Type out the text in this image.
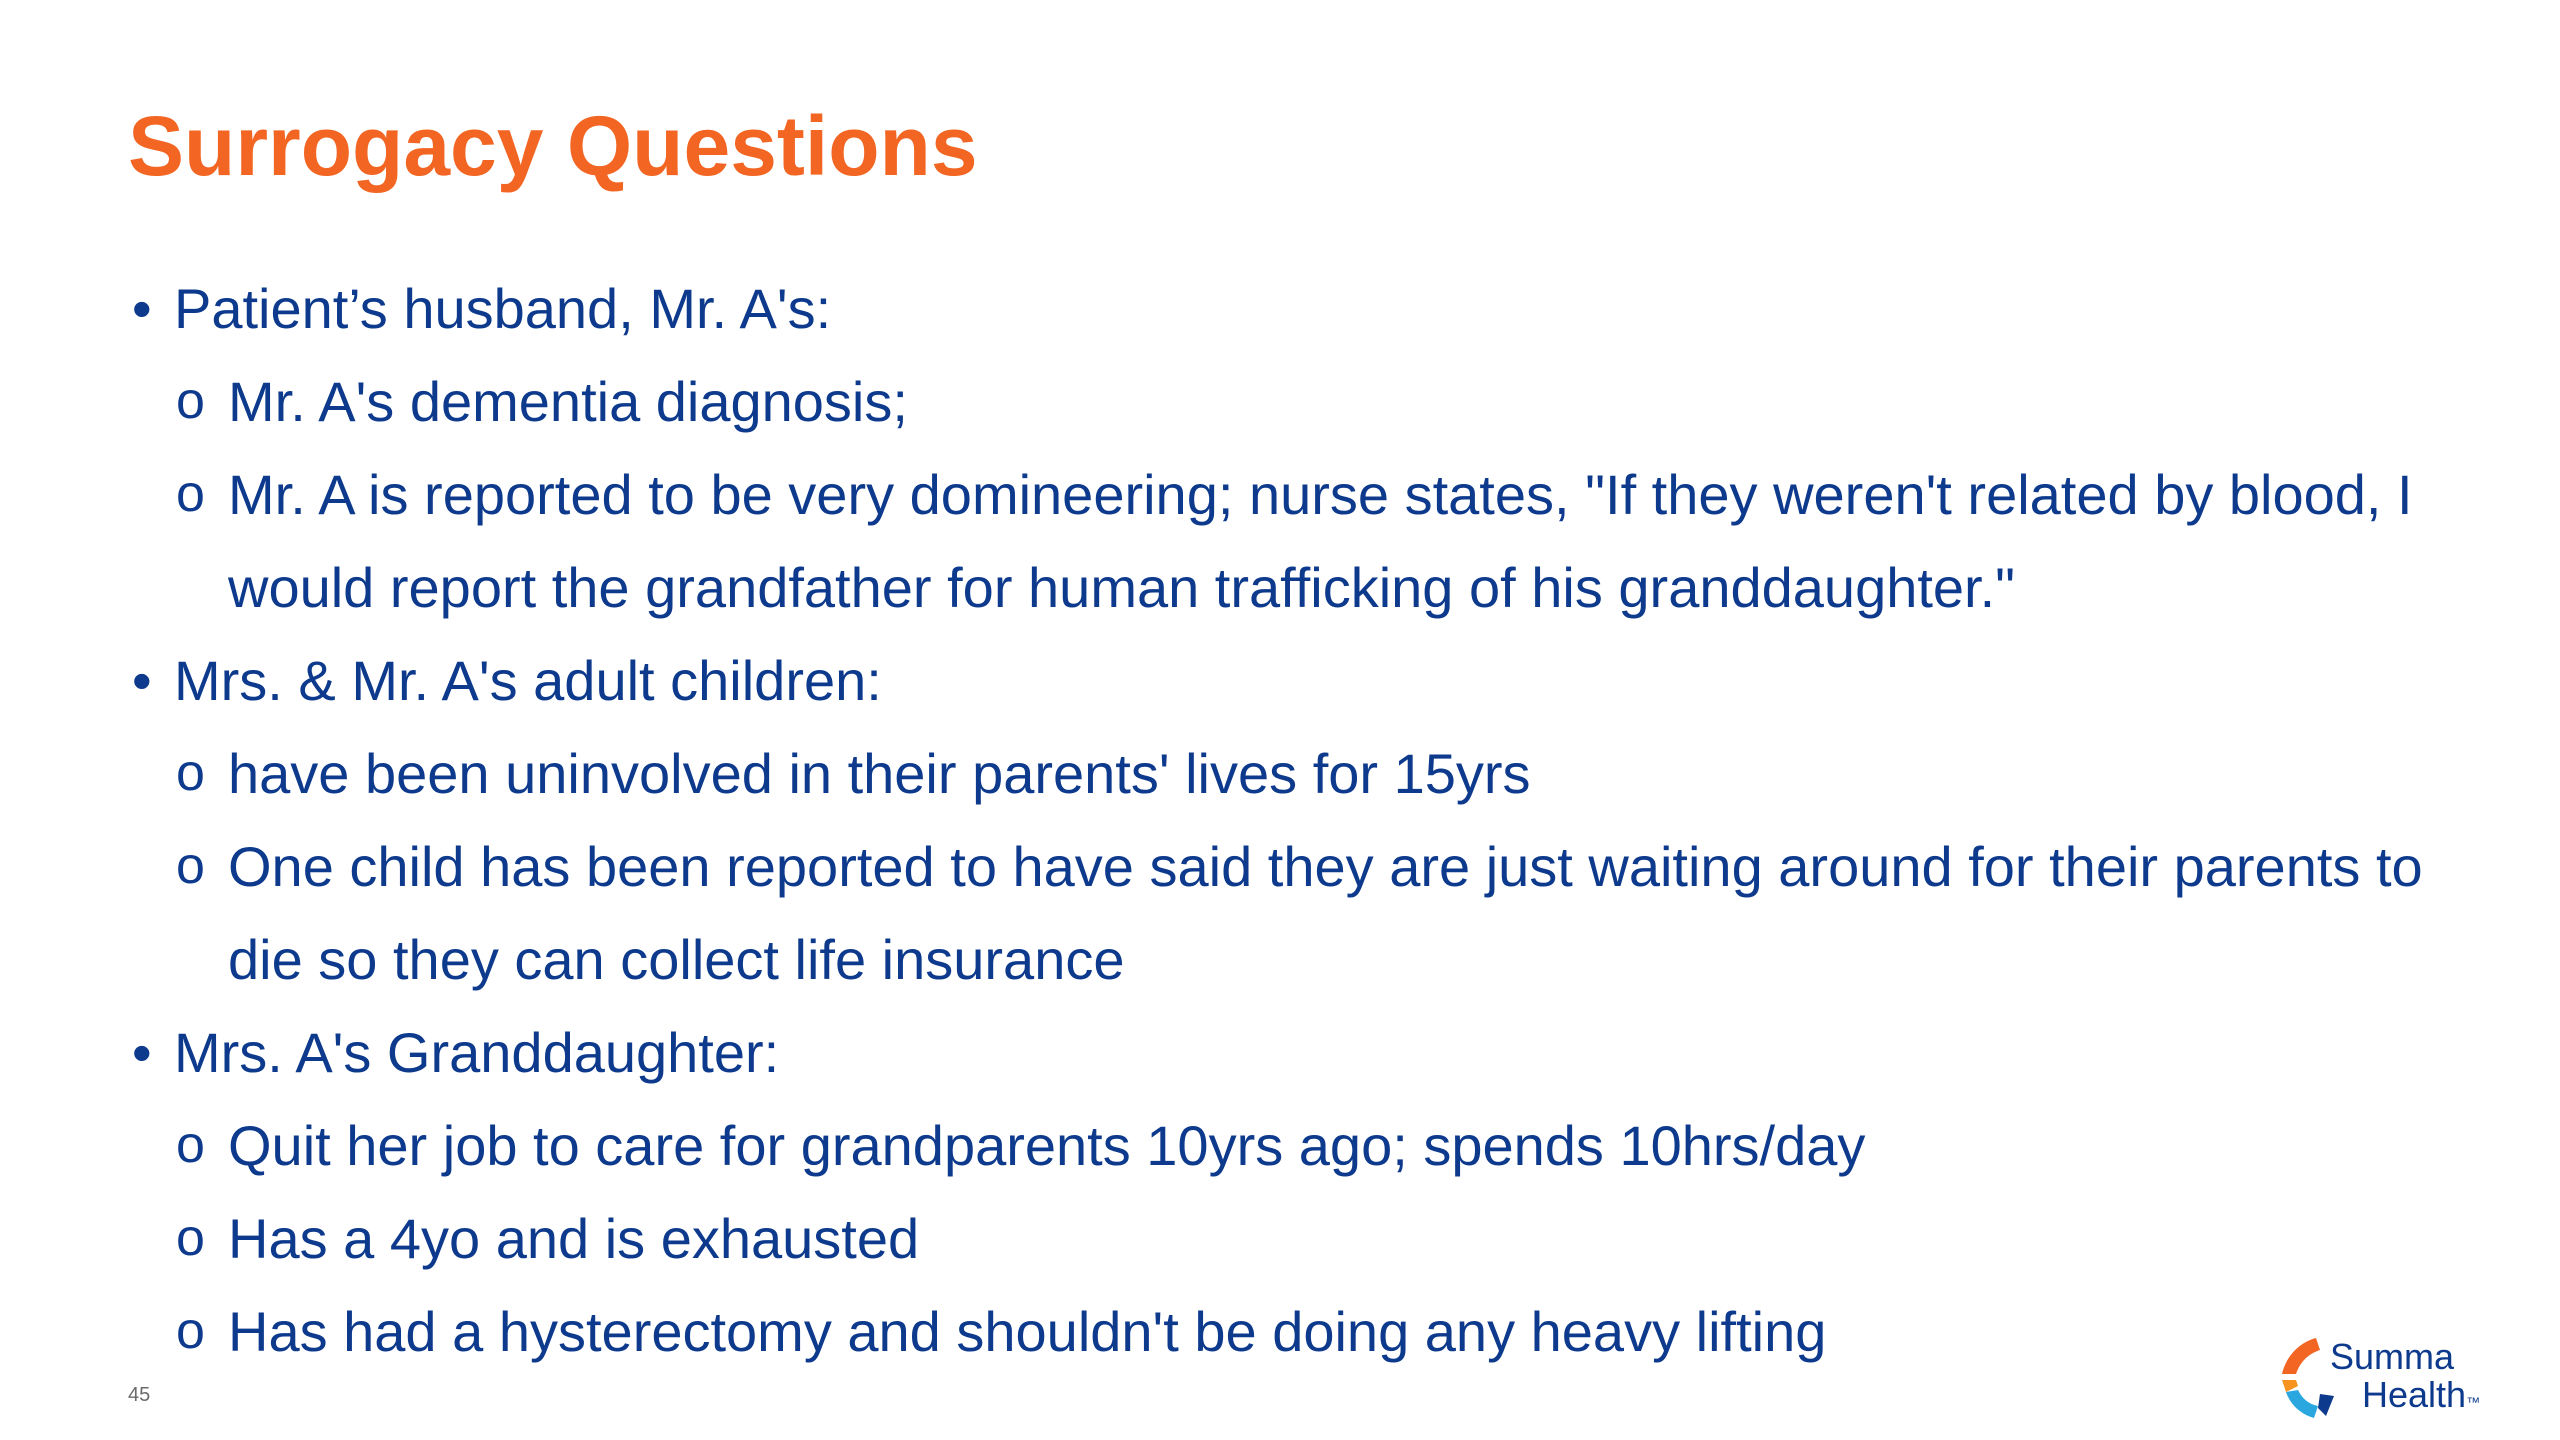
Surrogacy Questions
• Patient’s husband, Mr. A's:
o Mr. A's dementia diagnosis;
o Mr. A is reported to be very domineering; nurse states, "If they weren't related by blood, I would report the grandfather for human trafficking of his granddaughter."
• Mrs. & Mr. A's adult children:
o have been uninvolved in their parents' lives for 15yrs
o One child has been reported to have said they are just waiting around for their parents to die so they can collect life insurance
• Mrs. A's Granddaughter:
o Quit her job to care for grandparents 10yrs ago; spends 10hrs/day
o Has a 4yo and is exhausted
o Has had a hysterectomy and shouldn't be doing any heavy lifting
45
Summa
Health™
